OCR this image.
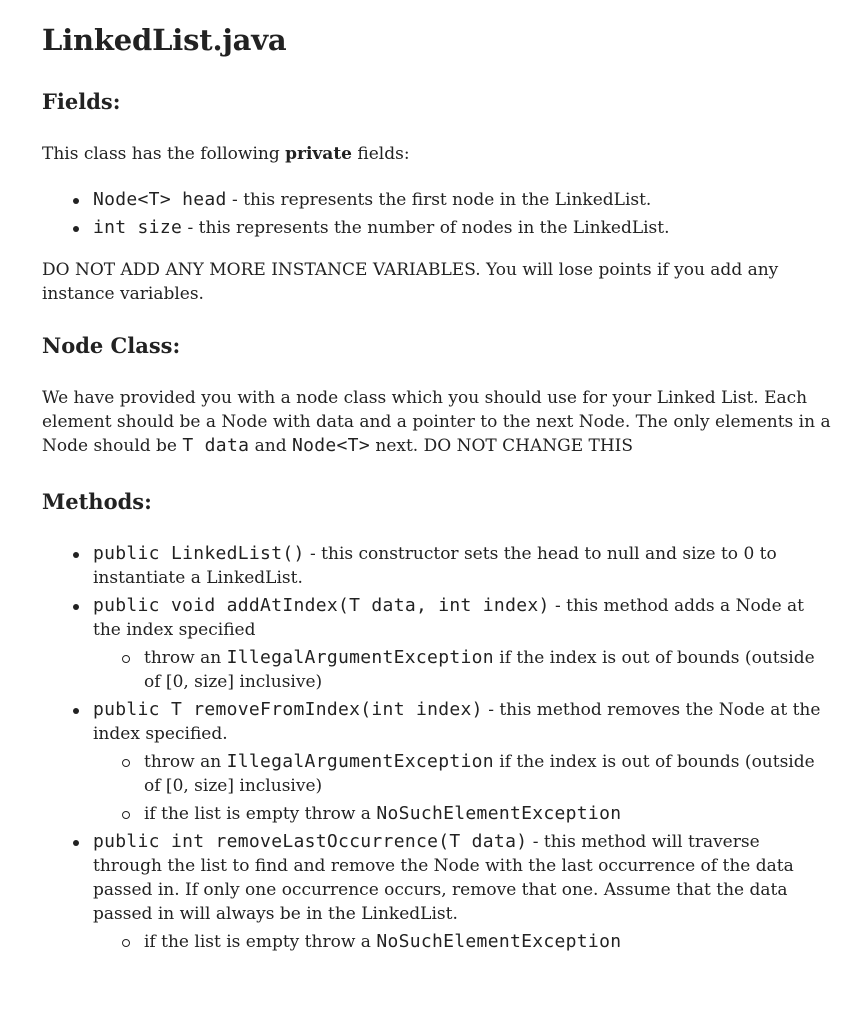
LinkedList.java
Fields:

This class has the following private fields:

Node<T> head - this represents the first node in the LinkedList.
int size - this represents the number of nodes in the LinkedList.

DO NOT ADD ANY MORE INSTANCE VARIABLES. You will lose points if you add any instance variables.

Node Class:

We have provided you with a node class which you should use for your Linked List. Each element should be a Node with data and a pointer to the next Node. The only elements in a Node should be T data and Node<T> next. DO NOT CHANGE THIS

Methods:
public LinkedList() - this constructor sets the head to null and size to 0 to instantiate a LinkedList.
public void addAtIndex(T data, int index) - this method adds a Node at the index specified
throw an IllegalArgumentException if the index is out of bounds (outside of [0, size] inclusive)
public T removeFromIndex(int index) - this method removes the Node at the index specified.
throw an IllegalArgumentException if the index is out of bounds (outside of [0, size] inclusive)
if the list is empty throw a NoSuchElementException
public int removeLastOccurrence(T data) - this method will traverse through the list to find and remove the Node with the last occurrence of the data passed in. If only one occurrence occurs, remove that one. Assume that the data passed in will always be in the LinkedList.
if the list is empty throw a NoSuchElementException
